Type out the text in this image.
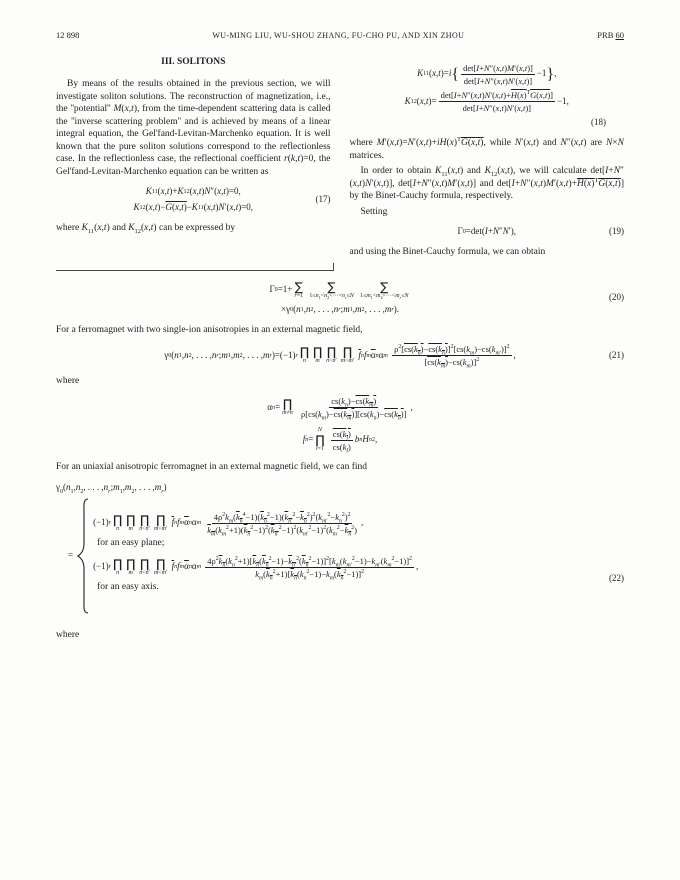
12 898	WU-MING LIU, WU-SHOU ZHANG, FU-CHO PU, AND XIN ZHOU	PRB 60
III. SOLITONS

By means of the results obtained in the previous section, we will investigate soliton solutions. The reconstruction of magnetization, i.e., the ''potential'' M(x,t), from the time-dependent scattering data is called the ''inverse scattering problem'' and is achieved by means of a linear integral equation, the Gel'fand-Levitan-Marchenko equation. It is well known that the pure soliton solutions correspond to the reflectionless case. In the reflectionless case, the reflectional coefficient r(k,t)=0, the Gel'fand-Levitan-Marchenko equation can be written as

K 11 ( x , t )+ K 12 ( x , t ) N ″( x , t )=0,
K 12 ( x , t )− G(x,t) − K 11 ( x , t ) N ′( x , t )=0,
(17)

where $K_{11}(x,t)$ and $K_{12}(x,t)$ can be expressed by

K 11 ( x , t )= i { det[I+N″(x,t)M′(x,t)]
det[I+N″(x,t)N′(x,t)]
−1 } ,
K 12 ( x , t )=
$\det[I+N''(x,t)N'(x,t)+H(x)^TG(x,t)]$
det[I+N″(x,t)N′(x,t)]
−1,
(18)

where $M'(x,t)=N'(x,t)+iH(x)^TG(x,t)$, while N′(x,t) and N″(x,t) are N×N matrices.

In order to obtain $K_{11}(x,t)$ and $K_{12}(x,t)$, we will calculate det[I+N″(x,t)N′(x,t)], det[I+N″(x,t)M′(x,t)] and $\det[I+N''(x,t)M'(x,t)+H(x)^TG(x,t)]$ by the Binet-Cauchy formula, respectively.

Setting

Γ 0 =det( I + N ″ N ′),	(19)

and using the Binet-Cauchy formula, we can obtain

Γ 0 =1+ ∑
r=1

∑
$1\le n_1<n_2<\cdot\cdot\cdot<n_r\le N$

∑
$1\le m_1<m_2<\cdot\cdot\cdot<m_r\le N$
×γ 0 ( n 1 , n 2 , . . . , n r ; m 1 , m 2 , . . . , m r ).
(20)

For a ferromagnet with two single-ion anisotropies in an external magnetic field,

γ 0 ( n 1 , n 2 , . . . , n r ; m 1 , m 2 , . . . , m r )=(−1) r ∏
n
∏
m
∏
n<n′
∏
m<m′

$\overline{f}$ n f m $\overline{\alpha}$ n α m

$\rho^2[cs(k_n)-cs(k_n)]^2[cs(k_m)-cs(k_{m'})]^2$
$[cs(k_m)-cs(k_m)]^2$
,	(21)

where

α n = ∏
m≠n

$cs(k_n)-cs(k_m)$
$\rho[cs(k_m)-cs(k_m)][cs(k_n)-cs(k_n)]$
,
f n =
N
∏
l=1

$cs(k_l)$
$cs(k_l)$
b n H n 2 ,

For an uniaxial anisotropic ferromagnet in an external magnetic field, we can find

$\gamma_0(n_1,n_2$, . . . $,n_r;m_1,m_2$, . . . $,m_r$)
=
(−1) r ∏
n
∏
m
∏
n<n′
∏
m<m′

$\overline{f}$ n f m $\overline{\alpha}$ n α m

$4\rho^2k_m(k_n^4-1)(k_n^2-1)(k_{n'}^2-k_n^2)^2(k_{m'}^2-k_n^2)^2$
$k_m(k_m^2+1)(k_n^2-1)^2(k_{n'}^2-1)^2(k_{m'}^2-1)^2(k_m^2-k_n^2)$
,
for an easy plane;
(−1) r ∏
n
∏
m
∏
n<n′
∏
m<m′

$\overline{f}$ n f m $\overline{\alpha}$ n α m

$4\rho^2k_n(k_n^2+1)[k_n(k_n^2-1)-k_{n'}^2(k_n^2-1)]^2[k_m(k_{m'}^2-1)-k_{m'}(k_m^2-1)]^2$
$k_m(k_n^2+1)[k_n(k_n^2-1)-k_m(k_n^2-1)]^2$
,
for an easy axis.
(22)

where
